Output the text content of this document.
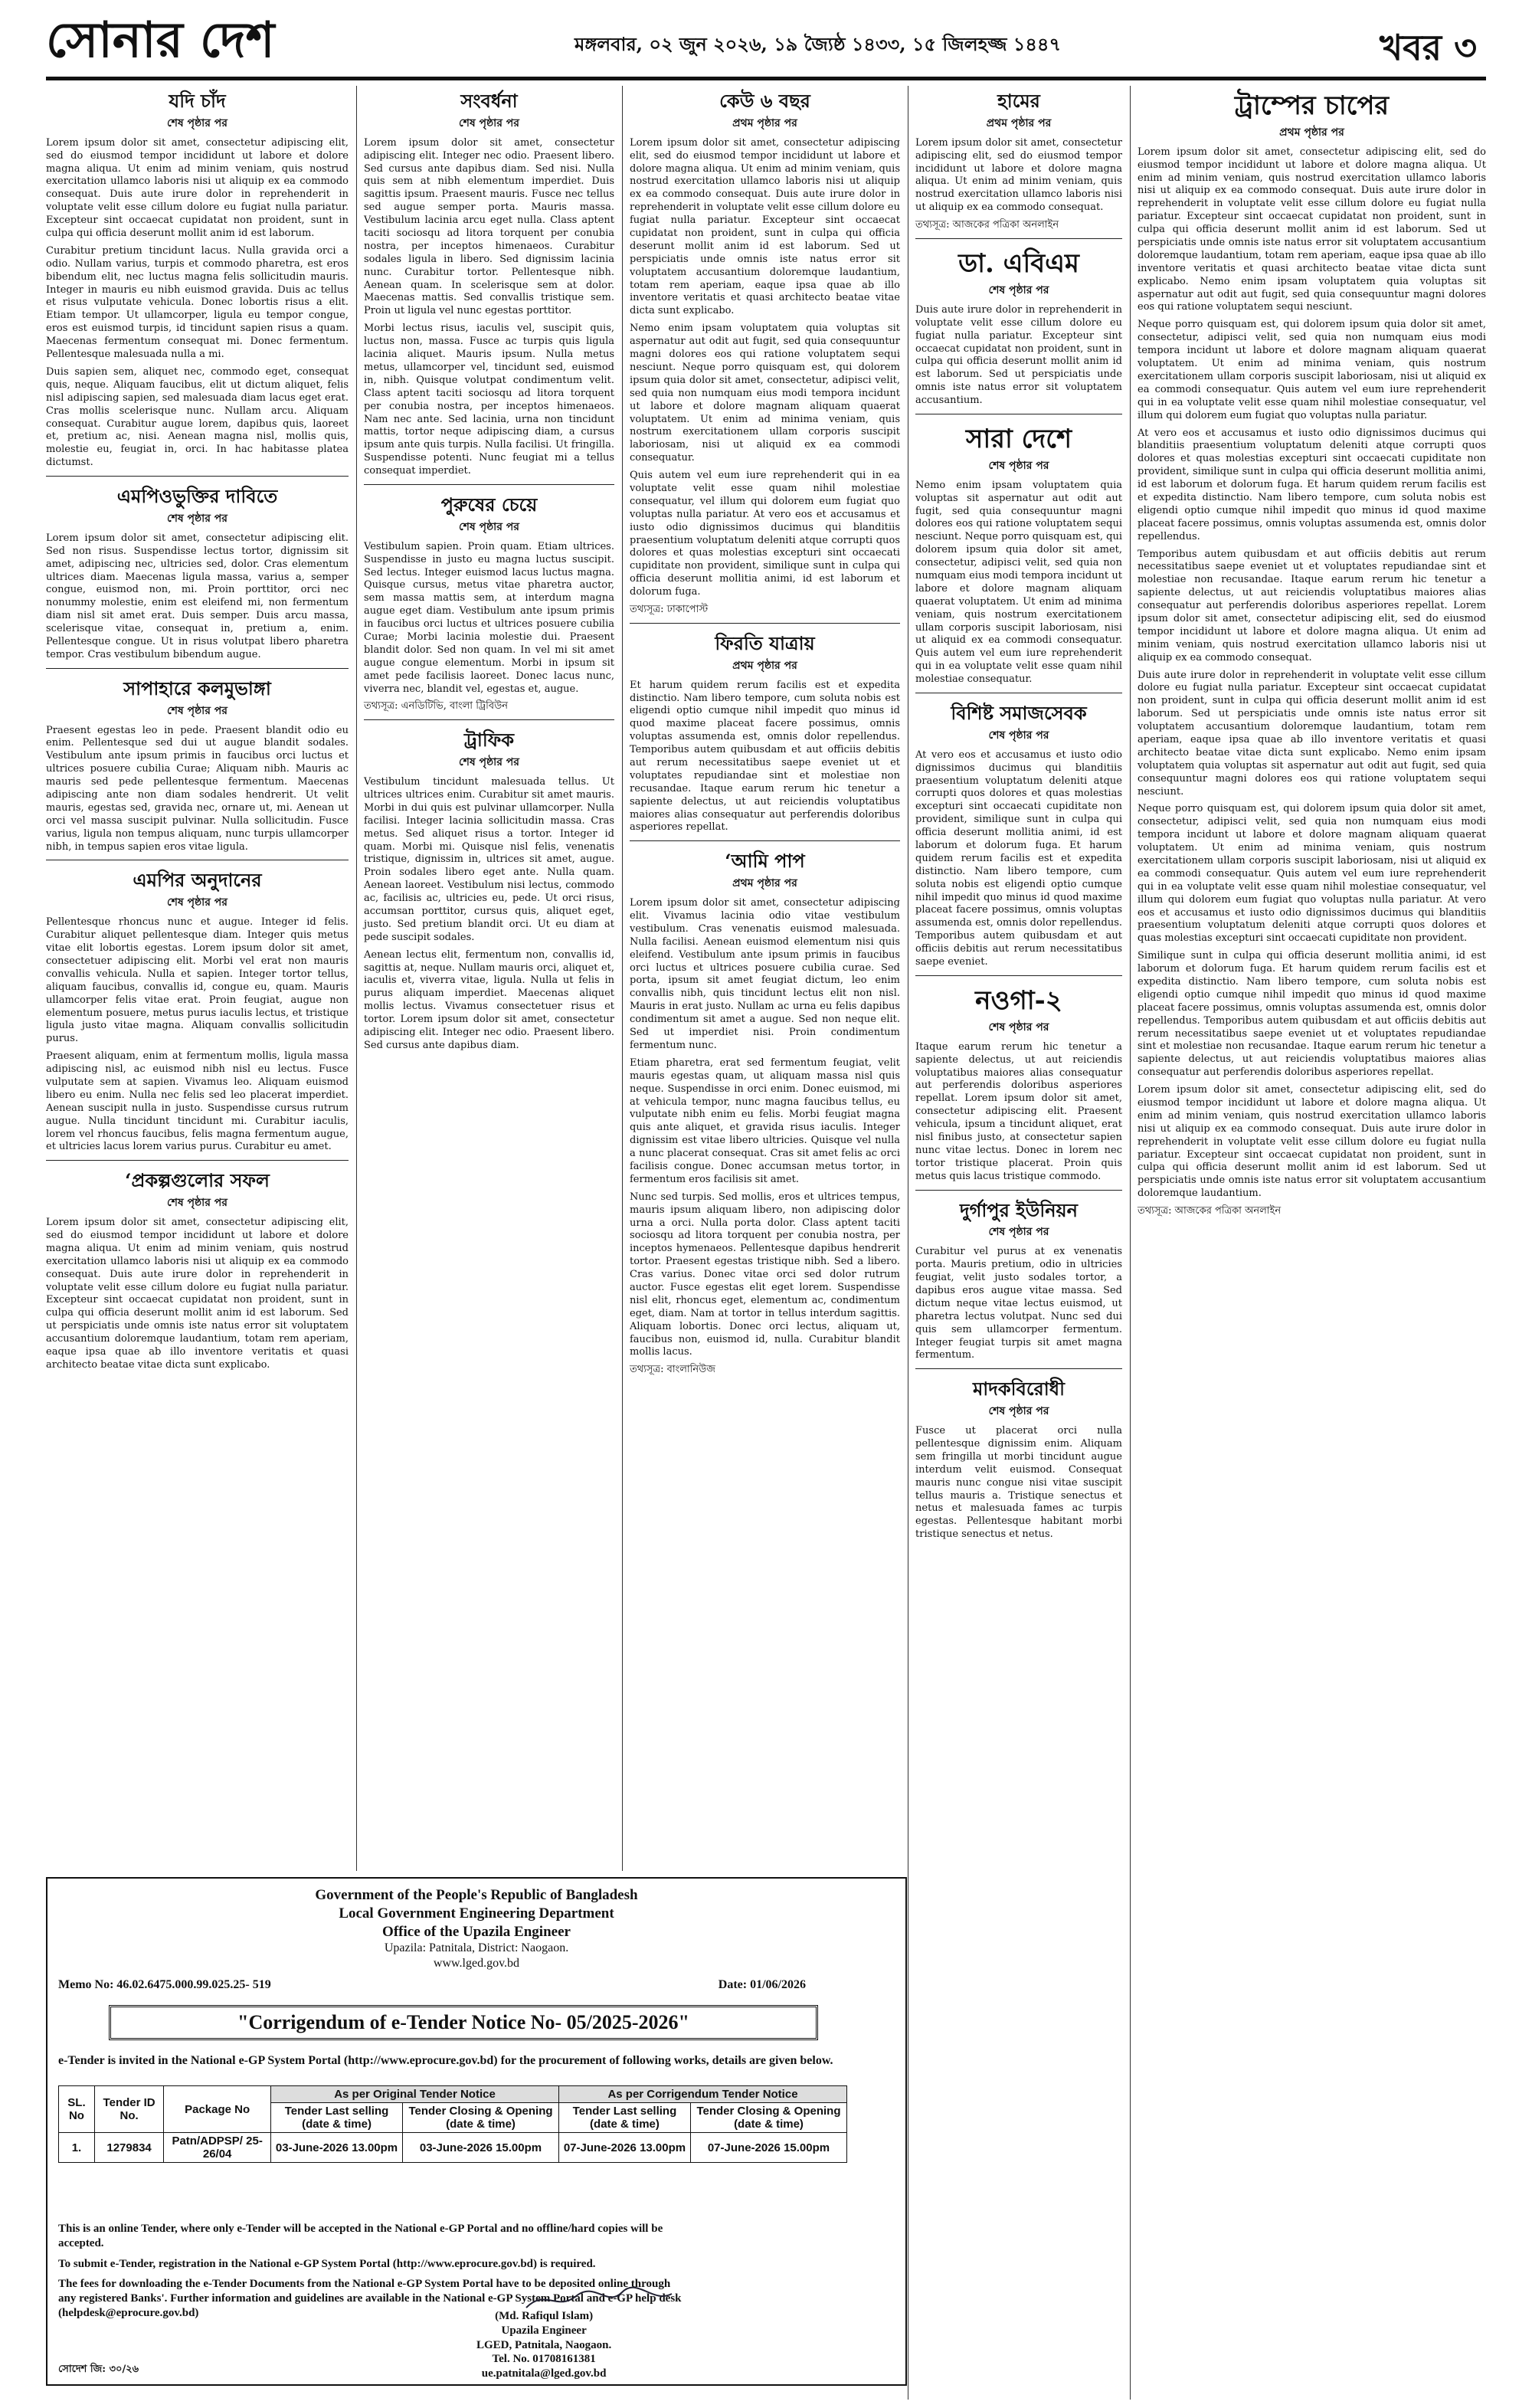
সোনার দেশ	মঙ্গলবার, ০২ জুন ২০২৬, ১৯ জ্যৈষ্ঠ ১৪৩৩, ১৫ জিলহজ্জ ১৪৪৭	খবর ৩
যদি চাঁদ
শেষ পৃষ্ঠার পর

Lorem ipsum dolor sit amet, consectetur adipiscing elit, sed do eiusmod tempor incididunt ut labore et dolore magna aliqua. Ut enim ad minim veniam, quis nostrud exercitation ullamco laboris nisi ut aliquip ex ea commodo consequat. Duis aute irure dolor in reprehenderit in voluptate velit esse cillum dolore eu fugiat nulla pariatur. Excepteur sint occaecat cupidatat non proident, sunt in culpa qui officia deserunt mollit anim id est laborum.

Curabitur pretium tincidunt lacus. Nulla gravida orci a odio. Nullam varius, turpis et commodo pharetra, est eros bibendum elit, nec luctus magna felis sollicitudin mauris. Integer in mauris eu nibh euismod gravida. Duis ac tellus et risus vulputate vehicula. Donec lobortis risus a elit. Etiam tempor. Ut ullamcorper, ligula eu tempor congue, eros est euismod turpis, id tincidunt sapien risus a quam. Maecenas fermentum consequat mi. Donec fermentum. Pellentesque malesuada nulla a mi.

Duis sapien sem, aliquet nec, commodo eget, consequat quis, neque. Aliquam faucibus, elit ut dictum aliquet, felis nisl adipiscing sapien, sed malesuada diam lacus eget erat. Cras mollis scelerisque nunc. Nullam arcu. Aliquam consequat. Curabitur augue lorem, dapibus quis, laoreet et, pretium ac, nisi. Aenean magna nisl, mollis quis, molestie eu, feugiat in, orci. In hac habitasse platea dictumst.

এমপিওভুক্তির দাবিতে
শেষ পৃষ্ঠার পর

Lorem ipsum dolor sit amet, consectetur adipiscing elit. Sed non risus. Suspendisse lectus tortor, dignissim sit amet, adipiscing nec, ultricies sed, dolor. Cras elementum ultrices diam. Maecenas ligula massa, varius a, semper congue, euismod non, mi. Proin porttitor, orci nec nonummy molestie, enim est eleifend mi, non fermentum diam nisl sit amet erat. Duis semper. Duis arcu massa, scelerisque vitae, consequat in, pretium a, enim. Pellentesque congue. Ut in risus volutpat libero pharetra tempor. Cras vestibulum bibendum augue.

সাপাহারে কলমুভাঙ্গা
শেষ পৃষ্ঠার পর

Praesent egestas leo in pede. Praesent blandit odio eu enim. Pellentesque sed dui ut augue blandit sodales. Vestibulum ante ipsum primis in faucibus orci luctus et ultrices posuere cubilia Curae; Aliquam nibh. Mauris ac mauris sed pede pellentesque fermentum. Maecenas adipiscing ante non diam sodales hendrerit. Ut velit mauris, egestas sed, gravida nec, ornare ut, mi. Aenean ut orci vel massa suscipit pulvinar. Nulla sollicitudin. Fusce varius, ligula non tempus aliquam, nunc turpis ullamcorper nibh, in tempus sapien eros vitae ligula.

এমপির অনুদানের
শেষ পৃষ্ঠার পর

Pellentesque rhoncus nunc et augue. Integer id felis. Curabitur aliquet pellentesque diam. Integer quis metus vitae elit lobortis egestas. Lorem ipsum dolor sit amet, consectetuer adipiscing elit. Morbi vel erat non mauris convallis vehicula. Nulla et sapien. Integer tortor tellus, aliquam faucibus, convallis id, congue eu, quam. Mauris ullamcorper felis vitae erat. Proin feugiat, augue non elementum posuere, metus purus iaculis lectus, et tristique ligula justo vitae magna. Aliquam convallis sollicitudin purus.

Praesent aliquam, enim at fermentum mollis, ligula massa adipiscing nisl, ac euismod nibh nisl eu lectus. Fusce vulputate sem at sapien. Vivamus leo. Aliquam euismod libero eu enim. Nulla nec felis sed leo placerat imperdiet. Aenean suscipit nulla in justo. Suspendisse cursus rutrum augue. Nulla tincidunt tincidunt mi. Curabitur iaculis, lorem vel rhoncus faucibus, felis magna fermentum augue, et ultricies lacus lorem varius purus. Curabitur eu amet.

‘প্রকল্পগুলোর সফল
শেষ পৃষ্ঠার পর

Lorem ipsum dolor sit amet, consectetur adipiscing elit, sed do eiusmod tempor incididunt ut labore et dolore magna aliqua. Ut enim ad minim veniam, quis nostrud exercitation ullamco laboris nisi ut aliquip ex ea commodo consequat. Duis aute irure dolor in reprehenderit in voluptate velit esse cillum dolore eu fugiat nulla pariatur. Excepteur sint occaecat cupidatat non proident, sunt in culpa qui officia deserunt mollit anim id est laborum. Sed ut perspiciatis unde omnis iste natus error sit voluptatem accusantium doloremque laudantium, totam rem aperiam, eaque ipsa quae ab illo inventore veritatis et quasi architecto beatae vitae dicta sunt explicabo.

সংবর্ধনা
শেষ পৃষ্ঠার পর

Lorem ipsum dolor sit amet, consectetur adipiscing elit. Integer nec odio. Praesent libero. Sed cursus ante dapibus diam. Sed nisi. Nulla quis sem at nibh elementum imperdiet. Duis sagittis ipsum. Praesent mauris. Fusce nec tellus sed augue semper porta. Mauris massa. Vestibulum lacinia arcu eget nulla. Class aptent taciti sociosqu ad litora torquent per conubia nostra, per inceptos himenaeos. Curabitur sodales ligula in libero. Sed dignissim lacinia nunc. Curabitur tortor. Pellentesque nibh. Aenean quam. In scelerisque sem at dolor. Maecenas mattis. Sed convallis tristique sem. Proin ut ligula vel nunc egestas porttitor.

Morbi lectus risus, iaculis vel, suscipit quis, luctus non, massa. Fusce ac turpis quis ligula lacinia aliquet. Mauris ipsum. Nulla metus metus, ullamcorper vel, tincidunt sed, euismod in, nibh. Quisque volutpat condimentum velit. Class aptent taciti sociosqu ad litora torquent per conubia nostra, per inceptos himenaeos. Nam nec ante. Sed lacinia, urna non tincidunt mattis, tortor neque adipiscing diam, a cursus ipsum ante quis turpis. Nulla facilisi. Ut fringilla. Suspendisse potenti. Nunc feugiat mi a tellus consequat imperdiet.

পুরুষের চেয়ে
শেষ পৃষ্ঠার পর

Vestibulum sapien. Proin quam. Etiam ultrices. Suspendisse in justo eu magna luctus suscipit. Sed lectus. Integer euismod lacus luctus magna. Quisque cursus, metus vitae pharetra auctor, sem massa mattis sem, at interdum magna augue eget diam. Vestibulum ante ipsum primis in faucibus orci luctus et ultrices posuere cubilia Curae; Morbi lacinia molestie dui. Praesent blandit dolor. Sed non quam. In vel mi sit amet augue congue elementum. Morbi in ipsum sit amet pede facilisis laoreet. Donec lacus nunc, viverra nec, blandit vel, egestas et, augue.

তথ্যসূত্র: এনডিটিভি, বাংলা ট্রিবিউন

ট্রাফিক
শেষ পৃষ্ঠার পর

Vestibulum tincidunt malesuada tellus. Ut ultrices ultrices enim. Curabitur sit amet mauris. Morbi in dui quis est pulvinar ullamcorper. Nulla facilisi. Integer lacinia sollicitudin massa. Cras metus. Sed aliquet risus a tortor. Integer id quam. Morbi mi. Quisque nisl felis, venenatis tristique, dignissim in, ultrices sit amet, augue. Proin sodales libero eget ante. Nulla quam. Aenean laoreet. Vestibulum nisi lectus, commodo ac, facilisis ac, ultricies eu, pede. Ut orci risus, accumsan porttitor, cursus quis, aliquet eget, justo. Sed pretium blandit orci. Ut eu diam at pede suscipit sodales.

Aenean lectus elit, fermentum non, convallis id, sagittis at, neque. Nullam mauris orci, aliquet et, iaculis et, viverra vitae, ligula. Nulla ut felis in purus aliquam imperdiet. Maecenas aliquet mollis lectus. Vivamus consectetuer risus et tortor. Lorem ipsum dolor sit amet, consectetur adipiscing elit. Integer nec odio. Praesent libero. Sed cursus ante dapibus diam.

কেউ ৬ বছর
প্রথম পৃষ্ঠার পর

Lorem ipsum dolor sit amet, consectetur adipiscing elit, sed do eiusmod tempor incididunt ut labore et dolore magna aliqua. Ut enim ad minim veniam, quis nostrud exercitation ullamco laboris nisi ut aliquip ex ea commodo consequat. Duis aute irure dolor in reprehenderit in voluptate velit esse cillum dolore eu fugiat nulla pariatur. Excepteur sint occaecat cupidatat non proident, sunt in culpa qui officia deserunt mollit anim id est laborum. Sed ut perspiciatis unde omnis iste natus error sit voluptatem accusantium doloremque laudantium, totam rem aperiam, eaque ipsa quae ab illo inventore veritatis et quasi architecto beatae vitae dicta sunt explicabo.

Nemo enim ipsam voluptatem quia voluptas sit aspernatur aut odit aut fugit, sed quia consequuntur magni dolores eos qui ratione voluptatem sequi nesciunt. Neque porro quisquam est, qui dolorem ipsum quia dolor sit amet, consectetur, adipisci velit, sed quia non numquam eius modi tempora incidunt ut labore et dolore magnam aliquam quaerat voluptatem. Ut enim ad minima veniam, quis nostrum exercitationem ullam corporis suscipit laboriosam, nisi ut aliquid ex ea commodi consequatur.

Quis autem vel eum iure reprehenderit qui in ea voluptate velit esse quam nihil molestiae consequatur, vel illum qui dolorem eum fugiat quo voluptas nulla pariatur. At vero eos et accusamus et iusto odio dignissimos ducimus qui blanditiis praesentium voluptatum deleniti atque corrupti quos dolores et quas molestias excepturi sint occaecati cupiditate non provident, similique sunt in culpa qui officia deserunt mollitia animi, id est laborum et dolorum fuga.

তথ্যসূত্র: ঢাকাপোস্ট

ফিরতি যাত্রায়
প্রথম পৃষ্ঠার পর

Et harum quidem rerum facilis est et expedita distinctio. Nam libero tempore, cum soluta nobis est eligendi optio cumque nihil impedit quo minus id quod maxime placeat facere possimus, omnis voluptas assumenda est, omnis dolor repellendus. Temporibus autem quibusdam et aut officiis debitis aut rerum necessitatibus saepe eveniet ut et voluptates repudiandae sint et molestiae non recusandae. Itaque earum rerum hic tenetur a sapiente delectus, ut aut reiciendis voluptatibus maiores alias consequatur aut perferendis doloribus asperiores repellat.

‘আমি পাপ
প্রথম পৃষ্ঠার পর

Lorem ipsum dolor sit amet, consectetur adipiscing elit. Vivamus lacinia odio vitae vestibulum vestibulum. Cras venenatis euismod malesuada. Nulla facilisi. Aenean euismod elementum nisi quis eleifend. Vestibulum ante ipsum primis in faucibus orci luctus et ultrices posuere cubilia curae. Sed porta, ipsum sit amet feugiat dictum, leo enim convallis nibh, quis tincidunt lectus elit non nisl. Mauris in erat justo. Nullam ac urna eu felis dapibus condimentum sit amet a augue. Sed non neque elit. Sed ut imperdiet nisi. Proin condimentum fermentum nunc.

Etiam pharetra, erat sed fermentum feugiat, velit mauris egestas quam, ut aliquam massa nisl quis neque. Suspendisse in orci enim. Donec euismod, mi at vehicula tempor, nunc magna faucibus tellus, eu vulputate nibh enim eu felis. Morbi feugiat magna quis ante aliquet, et gravida risus iaculis. Integer dignissim est vitae libero ultricies. Quisque vel nulla a nunc placerat consequat. Cras sit amet felis ac orci facilisis congue. Donec accumsan metus tortor, in fermentum eros facilisis sit amet.

Nunc sed turpis. Sed mollis, eros et ultrices tempus, mauris ipsum aliquam libero, non adipiscing dolor urna a orci. Nulla porta dolor. Class aptent taciti sociosqu ad litora torquent per conubia nostra, per inceptos hymenaeos. Pellentesque dapibus hendrerit tortor. Praesent egestas tristique nibh. Sed a libero. Cras varius. Donec vitae orci sed dolor rutrum auctor. Fusce egestas elit eget lorem. Suspendisse nisl elit, rhoncus eget, elementum ac, condimentum eget, diam. Nam at tortor in tellus interdum sagittis. Aliquam lobortis. Donec orci lectus, aliquam ut, faucibus non, euismod id, nulla. Curabitur blandit mollis lacus.

তথ্যসূত্র: বাংলানিউজ

হামের
প্রথম পৃষ্ঠার পর

Lorem ipsum dolor sit amet, consectetur adipiscing elit, sed do eiusmod tempor incididunt ut labore et dolore magna aliqua. Ut enim ad minim veniam, quis nostrud exercitation ullamco laboris nisi ut aliquip ex ea commodo consequat.

তথ্যসূত্র: আজকের পত্রিকা অনলাইন

ডা. এবিএম
শেষ পৃষ্ঠার পর

Duis aute irure dolor in reprehenderit in voluptate velit esse cillum dolore eu fugiat nulla pariatur. Excepteur sint occaecat cupidatat non proident, sunt in culpa qui officia deserunt mollit anim id est laborum. Sed ut perspiciatis unde omnis iste natus error sit voluptatem accusantium.

সারা দেশে
শেষ পৃষ্ঠার পর

Nemo enim ipsam voluptatem quia voluptas sit aspernatur aut odit aut fugit, sed quia consequuntur magni dolores eos qui ratione voluptatem sequi nesciunt. Neque porro quisquam est, qui dolorem ipsum quia dolor sit amet, consectetur, adipisci velit, sed quia non numquam eius modi tempora incidunt ut labore et dolore magnam aliquam quaerat voluptatem. Ut enim ad minima veniam, quis nostrum exercitationem ullam corporis suscipit laboriosam, nisi ut aliquid ex ea commodi consequatur. Quis autem vel eum iure reprehenderit qui in ea voluptate velit esse quam nihil molestiae consequatur.

বিশিষ্ট সমাজসেবক
শেষ পৃষ্ঠার পর

At vero eos et accusamus et iusto odio dignissimos ducimus qui blanditiis praesentium voluptatum deleniti atque corrupti quos dolores et quas molestias excepturi sint occaecati cupiditate non provident, similique sunt in culpa qui officia deserunt mollitia animi, id est laborum et dolorum fuga. Et harum quidem rerum facilis est et expedita distinctio. Nam libero tempore, cum soluta nobis est eligendi optio cumque nihil impedit quo minus id quod maxime placeat facere possimus, omnis voluptas assumenda est, omnis dolor repellendus. Temporibus autem quibusdam et aut officiis debitis aut rerum necessitatibus saepe eveniet.

নওগা-২
শেষ পৃষ্ঠার পর

Itaque earum rerum hic tenetur a sapiente delectus, ut aut reiciendis voluptatibus maiores alias consequatur aut perferendis doloribus asperiores repellat. Lorem ipsum dolor sit amet, consectetur adipiscing elit. Praesent vehicula, ipsum a tincidunt aliquet, erat nisl finibus justo, at consectetur sapien nunc vitae lectus. Donec in lorem nec tortor tristique placerat. Proin quis metus quis lacus tristique commodo.

দুর্গাপুর ইউনিয়ন
শেষ পৃষ্ঠার পর

Curabitur vel purus at ex venenatis porta. Mauris pretium, odio in ultricies feugiat, velit justo sodales tortor, a dapibus eros augue vitae massa. Sed dictum neque vitae lectus euismod, ut pharetra lectus volutpat. Nunc sed dui quis sem ullamcorper fermentum. Integer feugiat turpis sit amet magna fermentum.

মাদকবিরোধী
শেষ পৃষ্ঠার পর

Fusce ut placerat orci nulla pellentesque dignissim enim. Aliquam sem fringilla ut morbi tincidunt augue interdum velit euismod. Consequat mauris nunc congue nisi vitae suscipit tellus mauris a. Tristique senectus et netus et malesuada fames ac turpis egestas. Pellentesque habitant morbi tristique senectus et netus.

ট্রাম্পের চাপের
প্রথম পৃষ্ঠার পর

Lorem ipsum dolor sit amet, consectetur adipiscing elit, sed do eiusmod tempor incididunt ut labore et dolore magna aliqua. Ut enim ad minim veniam, quis nostrud exercitation ullamco laboris nisi ut aliquip ex ea commodo consequat. Duis aute irure dolor in reprehenderit in voluptate velit esse cillum dolore eu fugiat nulla pariatur. Excepteur sint occaecat cupidatat non proident, sunt in culpa qui officia deserunt mollit anim id est laborum. Sed ut perspiciatis unde omnis iste natus error sit voluptatem accusantium doloremque laudantium, totam rem aperiam, eaque ipsa quae ab illo inventore veritatis et quasi architecto beatae vitae dicta sunt explicabo. Nemo enim ipsam voluptatem quia voluptas sit aspernatur aut odit aut fugit, sed quia consequuntur magni dolores eos qui ratione voluptatem sequi nesciunt.

Neque porro quisquam est, qui dolorem ipsum quia dolor sit amet, consectetur, adipisci velit, sed quia non numquam eius modi tempora incidunt ut labore et dolore magnam aliquam quaerat voluptatem. Ut enim ad minima veniam, quis nostrum exercitationem ullam corporis suscipit laboriosam, nisi ut aliquid ex ea commodi consequatur. Quis autem vel eum iure reprehenderit qui in ea voluptate velit esse quam nihil molestiae consequatur, vel illum qui dolorem eum fugiat quo voluptas nulla pariatur.

At vero eos et accusamus et iusto odio dignissimos ducimus qui blanditiis praesentium voluptatum deleniti atque corrupti quos dolores et quas molestias excepturi sint occaecati cupiditate non provident, similique sunt in culpa qui officia deserunt mollitia animi, id est laborum et dolorum fuga. Et harum quidem rerum facilis est et expedita distinctio. Nam libero tempore, cum soluta nobis est eligendi optio cumque nihil impedit quo minus id quod maxime placeat facere possimus, omnis voluptas assumenda est, omnis dolor repellendus.

Temporibus autem quibusdam et aut officiis debitis aut rerum necessitatibus saepe eveniet ut et voluptates repudiandae sint et molestiae non recusandae. Itaque earum rerum hic tenetur a sapiente delectus, ut aut reiciendis voluptatibus maiores alias consequatur aut perferendis doloribus asperiores repellat. Lorem ipsum dolor sit amet, consectetur adipiscing elit, sed do eiusmod tempor incididunt ut labore et dolore magna aliqua. Ut enim ad minim veniam, quis nostrud exercitation ullamco laboris nisi ut aliquip ex ea commodo consequat.

Duis aute irure dolor in reprehenderit in voluptate velit esse cillum dolore eu fugiat nulla pariatur. Excepteur sint occaecat cupidatat non proident, sunt in culpa qui officia deserunt mollit anim id est laborum. Sed ut perspiciatis unde omnis iste natus error sit voluptatem accusantium doloremque laudantium, totam rem aperiam, eaque ipsa quae ab illo inventore veritatis et quasi architecto beatae vitae dicta sunt explicabo. Nemo enim ipsam voluptatem quia voluptas sit aspernatur aut odit aut fugit, sed quia consequuntur magni dolores eos qui ratione voluptatem sequi nesciunt.

Neque porro quisquam est, qui dolorem ipsum quia dolor sit amet, consectetur, adipisci velit, sed quia non numquam eius modi tempora incidunt ut labore et dolore magnam aliquam quaerat voluptatem. Ut enim ad minima veniam, quis nostrum exercitationem ullam corporis suscipit laboriosam, nisi ut aliquid ex ea commodi consequatur. Quis autem vel eum iure reprehenderit qui in ea voluptate velit esse quam nihil molestiae consequatur, vel illum qui dolorem eum fugiat quo voluptas nulla pariatur. At vero eos et accusamus et iusto odio dignissimos ducimus qui blanditiis praesentium voluptatum deleniti atque corrupti quos dolores et quas molestias excepturi sint occaecati cupiditate non provident.

Similique sunt in culpa qui officia deserunt mollitia animi, id est laborum et dolorum fuga. Et harum quidem rerum facilis est et expedita distinctio. Nam libero tempore, cum soluta nobis est eligendi optio cumque nihil impedit quo minus id quod maxime placeat facere possimus, omnis voluptas assumenda est, omnis dolor repellendus. Temporibus autem quibusdam et aut officiis debitis aut rerum necessitatibus saepe eveniet ut et voluptates repudiandae sint et molestiae non recusandae. Itaque earum rerum hic tenetur a sapiente delectus, ut aut reiciendis voluptatibus maiores alias consequatur aut perferendis doloribus asperiores repellat.

Lorem ipsum dolor sit amet, consectetur adipiscing elit, sed do eiusmod tempor incididunt ut labore et dolore magna aliqua. Ut enim ad minim veniam, quis nostrud exercitation ullamco laboris nisi ut aliquip ex ea commodo consequat. Duis aute irure dolor in reprehenderit in voluptate velit esse cillum dolore eu fugiat nulla pariatur. Excepteur sint occaecat cupidatat non proident, sunt in culpa qui officia deserunt mollit anim id est laborum. Sed ut perspiciatis unde omnis iste natus error sit voluptatem accusantium doloremque laudantium.

তথ্যসূত্র: আজকের পত্রিকা অনলাইন

Government of the People's Republic of Bangladesh
Local Government Engineering Department
Office of the Upazila Engineer
Upazila: Patnitala, District: Naogaon.
www.lged.gov.bd
Memo No: 46.02.6475.000.99.025.25- 519	Date: 01/06/2026
"Corrigendum of e-Tender Notice No- 05/2025-2026"
e-Tender is invited in the National e-GP System Portal (http://www.eprocure.gov.bd) for the procurement of following works, details are given below.
SL. No	Tender ID No.	Package No	As per Original Tender Notice		As per Corrigendum Tender Notice	
			Tender Last selling (date & time)	Tender Closing & Opening (date & time)	Tender Last selling (date & time)	Tender Closing & Opening (date & time)
1.	1279834	Patn/ADPSP/ 25-26/04	03-June-2026 13.00pm	03-June-2026 15.00pm	07-June-2026 13.00pm	07-June-2026 15.00pm

This is an online Tender, where only e-Tender will be accepted in the National e-GP Portal and no offline/hard copies will be accepted.

To submit e-Tender, registration in the National e-GP System Portal (http://www.eprocure.gov.bd) is required.

The fees for downloading the e-Tender Documents from the National e-GP System Portal have to be deposited online through any registered Banks'. Further information and guidelines are available in the National e-GP System Portal and e-GP help desk (helpdesk@eprocure.gov.bd)	(Md. Rafiqul Islam)
Upazila Engineer
LGED, Patnitala, Naogaon.
Tel. No. 01708161381
ue.patnitala@lged.gov.bd
সোদেশ জি: ৩০/২৬
